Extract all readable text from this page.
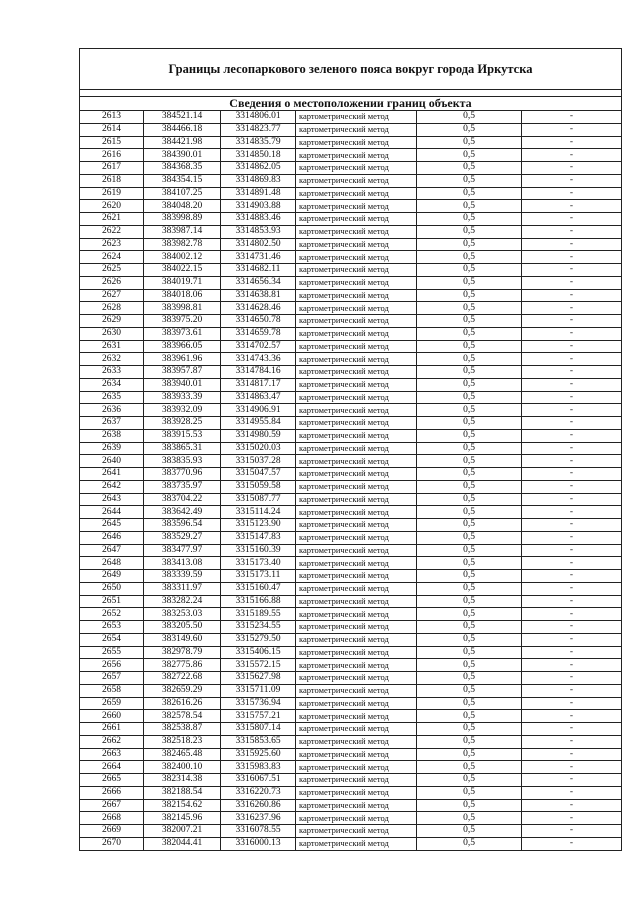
Границы лесопаркового зеленого пояса вокруг города Иркутска
Сведения о местоположении границ объекта
2613	384521.14	3314806.01	картометрический метод	0,5	-
2614	384466.18	3314823.77	картометрический метод	0,5	-
2615	384421.98	3314835.79	картометрический метод	0,5	-
2616	384390.01	3314850.18	картометрический метод	0,5	-
2617	384368.35	3314862.05	картометрический метод	0,5	-
2618	384354.15	3314869.83	картометрический метод	0,5	-
2619	384107.25	3314891.48	картометрический метод	0,5	-
2620	384048.20	3314903.88	картометрический метод	0,5	-
2621	383998.89	3314883.46	картометрический метод	0,5	-
2622	383987.14	3314853.93	картометрический метод	0,5	-
2623	383982.78	3314802.50	картометрический метод	0,5	-
2624	384002.12	3314731.46	картометрический метод	0,5	-
2625	384022.15	3314682.11	картометрический метод	0,5	-
2626	384019.71	3314656.34	картометрический метод	0,5	-
2627	384018.06	3314638.81	картометрический метод	0,5	-
2628	383998.81	3314628.46	картометрический метод	0,5	-
2629	383975.20	3314650.78	картометрический метод	0,5	-
2630	383973.61	3314659.78	картометрический метод	0,5	-
2631	383966.05	3314702.57	картометрический метод	0,5	-
2632	383961.96	3314743.36	картометрический метод	0,5	-
2633	383957.87	3314784.16	картометрический метод	0,5	-
2634	383940.01	3314817.17	картометрический метод	0,5	-
2635	383933.39	3314863.47	картометрический метод	0,5	-
2636	383932.09	3314906.91	картометрический метод	0,5	-
2637	383928.25	3314955.84	картометрический метод	0,5	-
2638	383915.53	3314980.59	картометрический метод	0,5	-
2639	383865.31	3315020.03	картометрический метод	0,5	-
2640	383835.93	3315037.28	картометрический метод	0,5	-
2641	383770.96	3315047.57	картометрический метод	0,5	-
2642	383735.97	3315059.58	картометрический метод	0,5	-
2643	383704.22	3315087.77	картометрический метод	0,5	-
2644	383642.49	3315114.24	картометрический метод	0,5	-
2645	383596.54	3315123.90	картометрический метод	0,5	-
2646	383529.27	3315147.83	картометрический метод	0,5	-
2647	383477.97	3315160.39	картометрический метод	0,5	-
2648	383413.08	3315173.40	картометрический метод	0,5	-
2649	383339.59	3315173.11	картометрический метод	0,5	-
2650	383311.97	3315160.47	картометрический метод	0,5	-
2651	383282.24	3315166.88	картометрический метод	0,5	-
2652	383253.03	3315189.55	картометрический метод	0,5	-
2653	383205.50	3315234.55	картометрический метод	0,5	-
2654	383149.60	3315279.50	картометрический метод	0,5	-
2655	382978.79	3315406.15	картометрический метод	0,5	-
2656	382775.86	3315572.15	картометрический метод	0,5	-
2657	382722.68	3315627.98	картометрический метод	0,5	-
2658	382659.29	3315711.09	картометрический метод	0,5	-
2659	382616.26	3315736.94	картометрический метод	0,5	-
2660	382578.54	3315757.21	картометрический метод	0,5	-
2661	382538.87	3315807.14	картометрический метод	0,5	-
2662	382518.23	3315853.65	картометрический метод	0,5	-
2663	382465.48	3315925.60	картометрический метод	0,5	-
2664	382400.10	3315983.83	картометрический метод	0,5	-
2665	382314.38	3316067.51	картометрический метод	0,5	-
2666	382188.54	3316220.73	картометрический метод	0,5	-
2667	382154.62	3316260.86	картометрический метод	0,5	-
2668	382145.96	3316237.96	картометрический метод	0,5	-
2669	382007.21	3316078.55	картометрический метод	0,5	-
2670	382044.41	3316000.13	картометрический метод	0,5	-
